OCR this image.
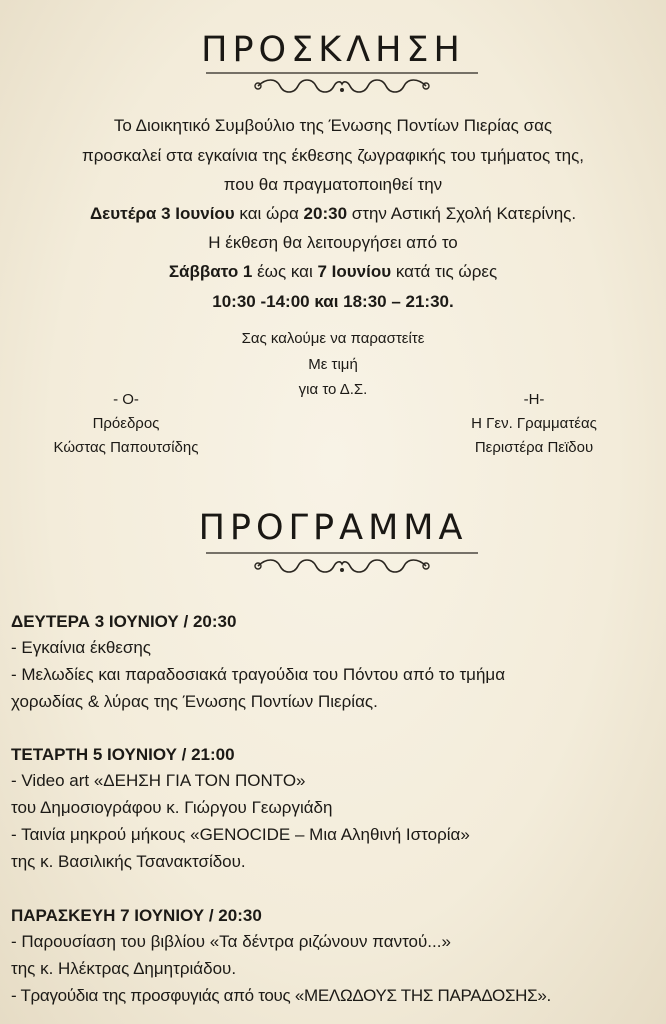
ΠΡΟΣΚΛΗΣΗ
Το Διοικητικό Συμβούλιο της Ένωσης Ποντίων Πιερίας σας
προσκαλεί στα εγκαίνια της έκθεσης ζωγραφικής του τμήματος της,
που θα πραγματοποιηθεί την
Δευτέρα 3 Ιουνίου και ώρα 20:30 στην Αστική Σχολή Κατερίνης.
Η έκθεση θα λειτουργήσει από το
Σάββατο 1 έως και 7 Ιουνίου κατά τις ώρες
10:30 -14:00 και 18:30 – 21:30.
Σας καλούμε να παραστείτε
Με τιμή
για το Δ.Σ.
- Ο-
Πρόεδρος
Κώστας Παπουτσίδης
-Η-
Η Γεν. Γραμματέας
Περιστέρα Πεϊδου
ΠΡΟΓΡΑΜΜΑ
ΔΕΥΤΕΡΑ 3 ΙΟΥΝΙΟΥ / 20:30
- Εγκαίνια έκθεσης
- Μελωδίες και παραδοσιακά τραγούδια του Πόντου από το τμήμα
χορωδίας & λύρας της Ένωσης Ποντίων Πιερίας.
ΤΕΤΑΡΤΗ 5 ΙΟΥΝΙΟΥ / 21:00
- Video art «ΔΕΗΣΗ ΓΙΑ ΤΟΝ ΠΟΝΤΟ»
του Δημοσιογράφου κ. Γιώργου Γεωργιάδη
- Ταινία μηκρού μήκους «GENOCIDE – Μια Αληθινή Ιστορία»
της κ. Βασιλικής Τσανακτσίδου.
ΠΑΡΑΣΚΕΥΗ 7 ΙΟΥΝΙΟΥ / 20:30
- Παρουσίαση του βιβλίου «Τα δέντρα ριζώνουν παντού...»
της κ. Ηλέκτρας Δημητριάδου.
- Τραγούδια της προσφυγιάς από τους «ΜΕΛΩΔΟΥΣ ΤΗΣ ΠΑΡΑΔΟΣΗΣ».
